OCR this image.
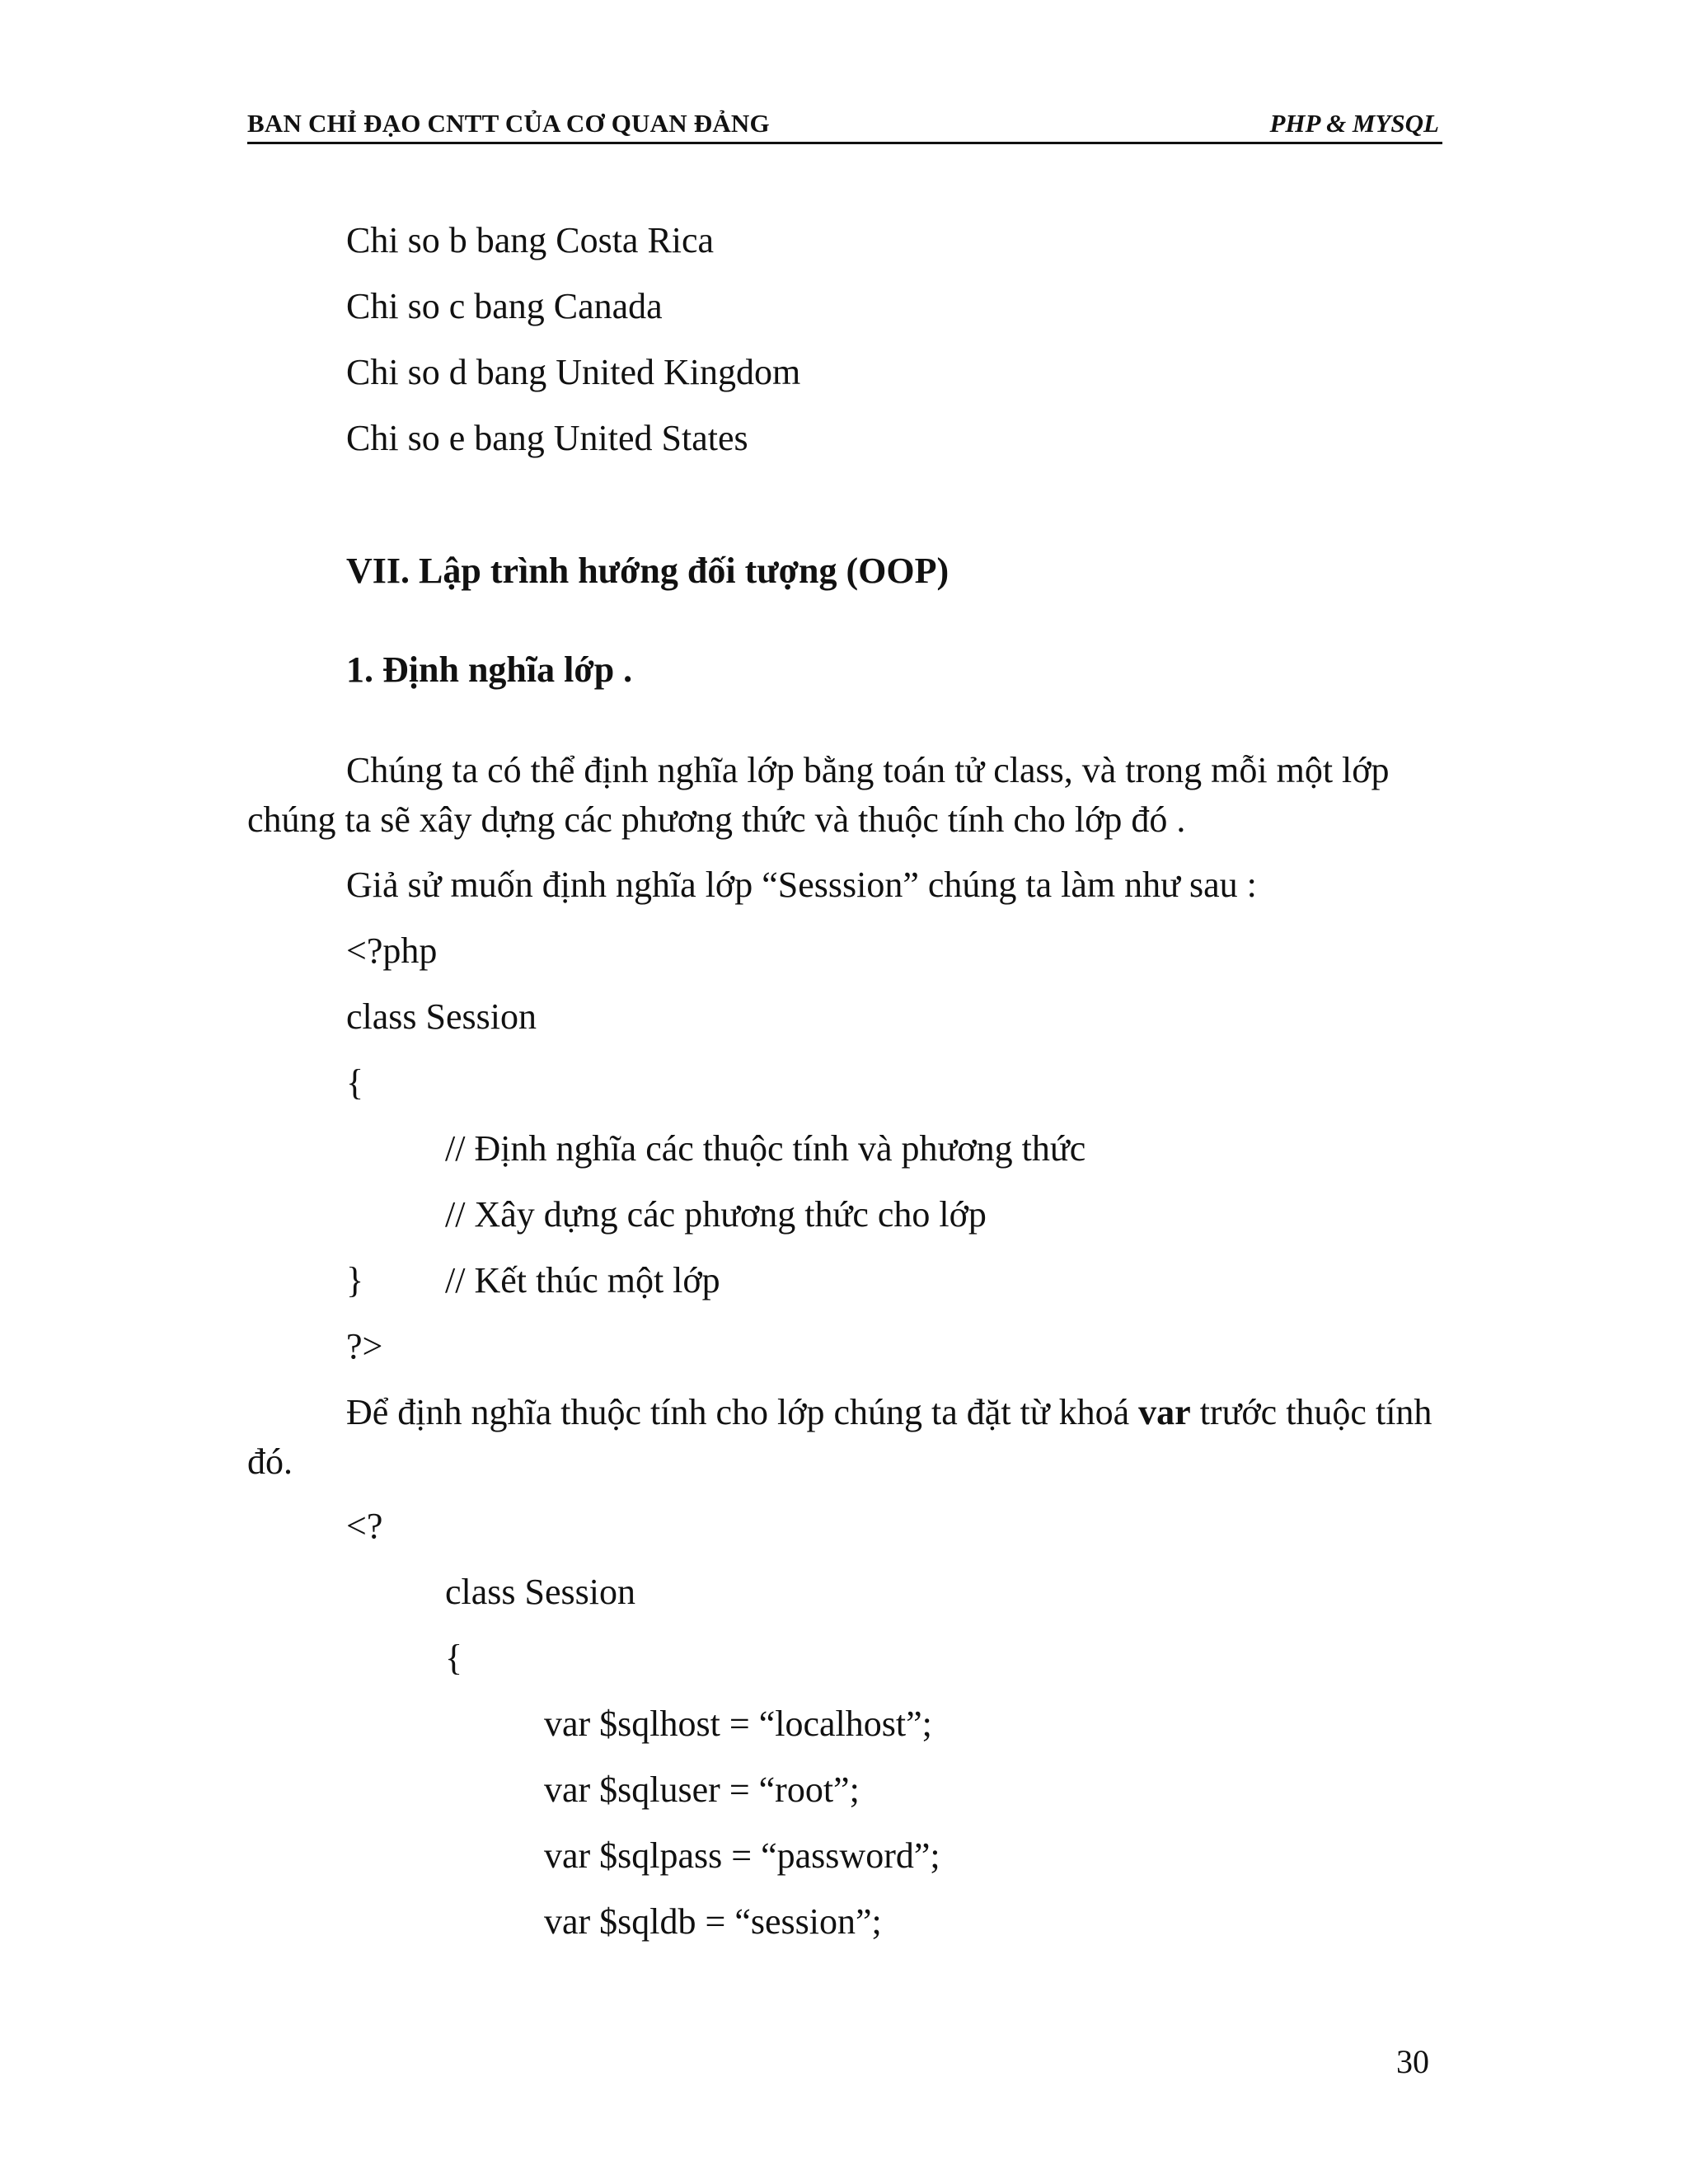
BAN CHỈ ĐẠO CNTT CỦA CƠ QUAN ĐẢNG	PHP & MYSQL
Chi so b bang Costa Rica
Chi so c bang Canada
Chi so d bang United Kingdom
Chi so e bang United States
VII. Lập trình hướng đối tượng (OOP)
1. Định nghĩa lớp .
Chúng ta có thể định nghĩa lớp bằng toán tử class, và trong mỗi một lớp chúng ta sẽ xây dựng các phương thức và thuộc tính cho lớp đó .
Giả sử muốn định nghĩa lớp “Sesssion” chúng ta làm như sau :
<?php
class Session
{
// Định nghĩa các thuộc tính và phương thức
// Xây dựng các phương thức cho lớp
} // Kết thúc một lớp
?>
Để định nghĩa thuộc tính cho lớp chúng ta đặt từ khoá var trước thuộc tính đó.
<?
class Session
{
var $sqlhost = “localhost”;
var $sqluser = “root”;
var $sqlpass = “password”;
var $sqldb = “session”;
30
